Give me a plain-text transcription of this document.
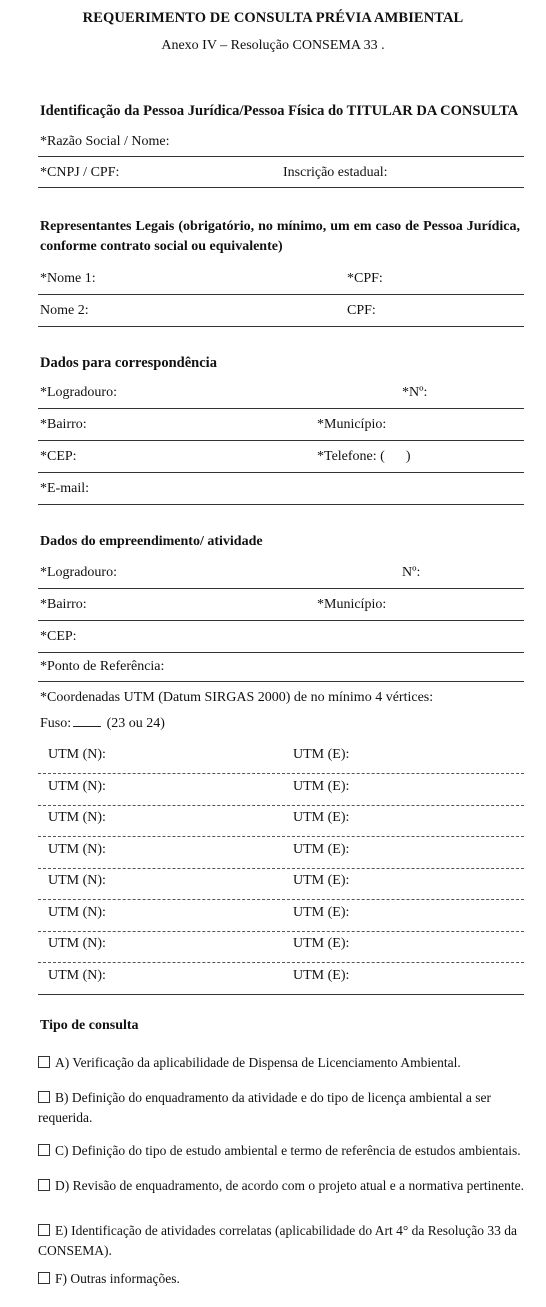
REQUERIMENTO DE CONSULTA PRÉVIA AMBIENTAL
Anexo IV – Resolução CONSEMA 33 .
Identificação da Pessoa Jurídica/Pessoa Física do TITULAR DA CONSULTA
*Razão Social / Nome:
*CNPJ / CPF:	Inscrição estadual:
Representantes Legais (obrigatório, no mínimo, um em caso de Pessoa Jurídica, conforme contrato social ou equivalente)
*Nome 1:	*CPF:
Nome 2:	CPF:
Dados para correspondência
*Logradouro:	*Nº:
*Bairro:	*Município:
*CEP:	*Telefone: (      )
*E-mail:
Dados do empreendimento/ atividade
*Logradouro:	Nº:
*Bairro:	*Município:
*CEP:
*Ponto de Referência:
*Coordenadas UTM (Datum SIRGAS 2000) de no mínimo 4 vértices:
Fuso:	(23 ou 24)
UTM (N):	UTM (E):
UTM (N):	UTM (E):
UTM (N):	UTM (E):
UTM (N):	UTM (E):
UTM (N):	UTM (E):
UTM (N):	UTM (E):
UTM (N):	UTM (E):
UTM (N):	UTM (E):
Tipo de consulta
A) Verificação da aplicabilidade de Dispensa de Licenciamento Ambiental.
B) Definição do enquadramento da atividade e do tipo de licença ambiental a ser requerida.
C) Definição do tipo de estudo ambiental e termo de referência de estudos ambientais.
D) Revisão de enquadramento, de acordo com o projeto atual e a normativa pertinente.
E) Identificação de atividades correlatas (aplicabilidade do Art 4° da Resolução 33 da CONSEMA).
F) Outras informações.
